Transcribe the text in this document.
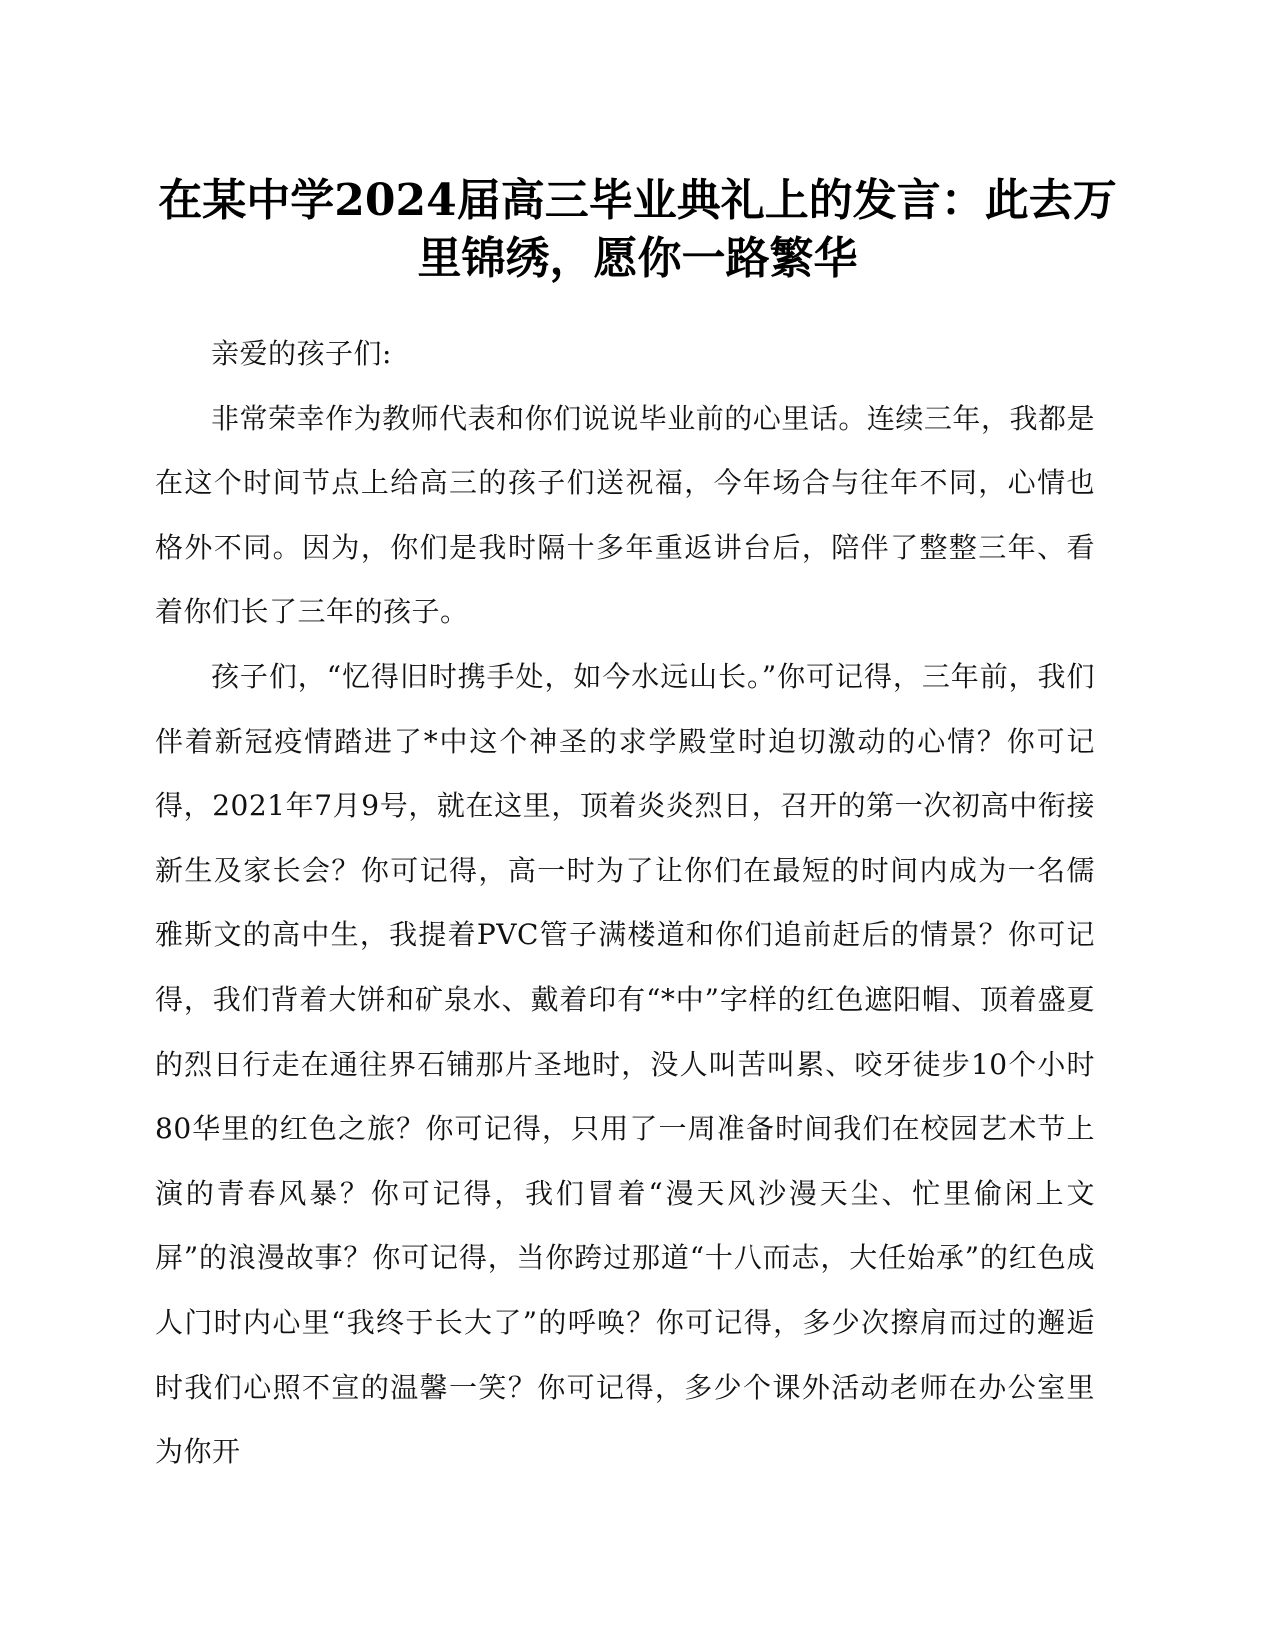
在某中学2024届高三毕业典礼上的发言：此去万里锦绣，愿你一路繁华

亲爱的孩子们:

非常荣幸作为教师代表和你们说说毕业前的心里话。连续三年，我都是在这个时间节点上给高三的孩子们送祝福，今年场合与往年不同，心情也格外不同。因为，你们是我时隔十多年重返讲台后，陪伴了整整三年、看着你们长了三年的孩子。

孩子们，“忆得旧时携手处，如今水远山长。”你可记得，三年前，我们伴着新冠疫情踏进了*中这个神圣的求学殿堂时迫切激动的心情？你可记得，2021年7月9号，就在这里，顶着炎炎烈日，召开的第一次初高中衔接新生及家长会？你可记得，高一时为了让你们在最短的时间内成为一名儒雅斯文的高中生，我提着PVC管子满楼道和你们追前赶后的情景？你可记得，我们背着大饼和矿泉水、戴着印有“*中”字样的红色遮阳帽、顶着盛夏的烈日行走在通往界石铺那片圣地时，没人叫苦叫累、咬牙徒步10个小时80华里的红色之旅？你可记得，只用了一周准备时间我们在校园艺术节上演的青春风暴？你可记得，我们冒着“漫天风沙漫天尘、忙里偷闲上文屏”的浪漫故事？你可记得，当你跨过那道“十八而志，大任始承”的红色成人门时内心里“我终于长大了”的呼唤？你可记得，多少次擦肩而过的邂逅时我们心照不宣的温馨一笑？你可记得，多少个课外活动老师在办公室里为你开
